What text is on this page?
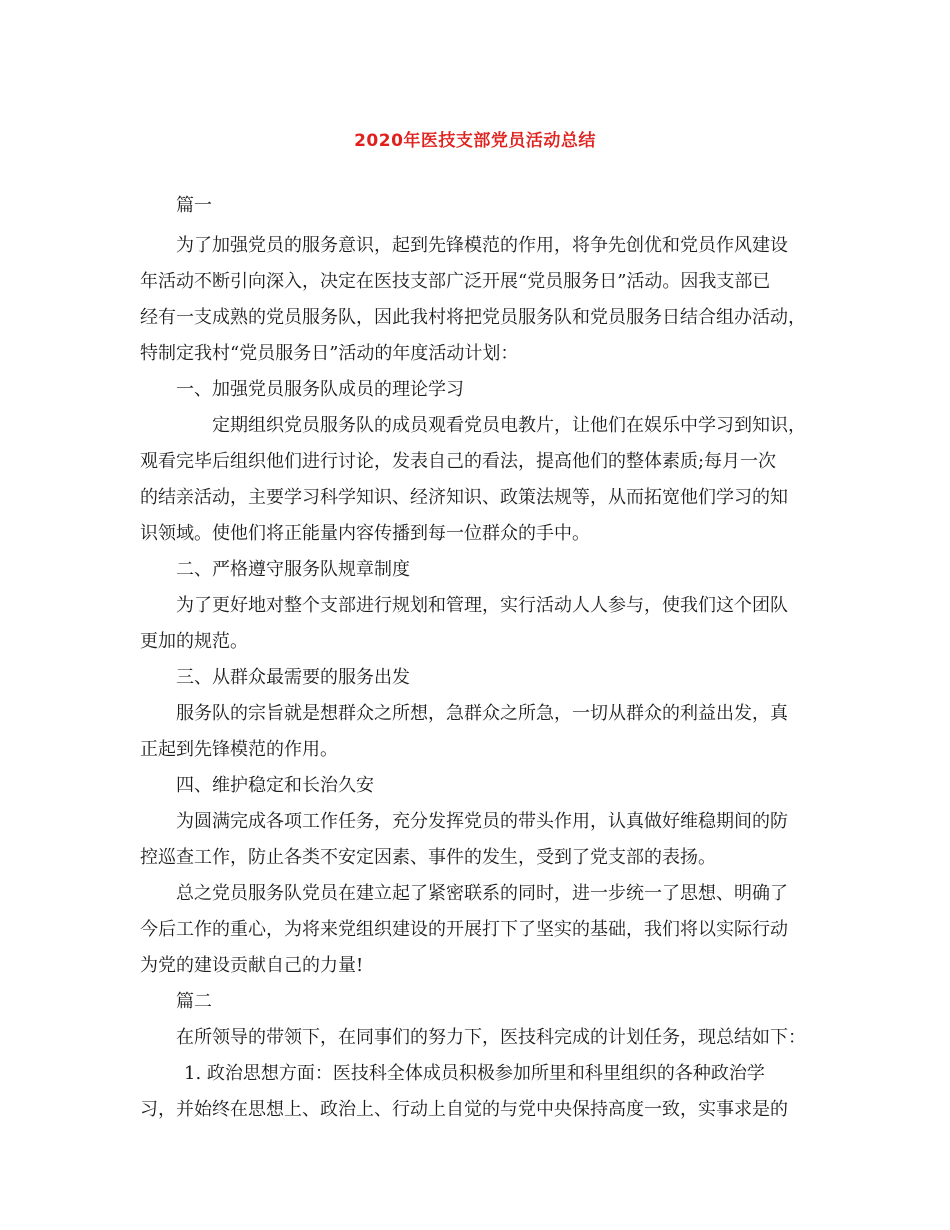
2020年医技支部党员活动总结
篇一
为了加强党员的服务意识，起到先锋模范的作用，将争先创优和党员作风建设
年活动不断引向深入，决定在医技支部广泛开展“党员服务日”活动。因我支部已
经有一支成熟的党员服务队，因此我村将把党员服务队和党员服务日结合组办活动，
特制定我村“党员服务日”活动的年度活动计划：
一、加强党员服务队成员的理论学习
定期组织党员服务队的成员观看党员电教片，让他们在娱乐中学习到知识，
观看完毕后组织他们进行讨论，发表自己的看法，提高他们的整体素质;每月一次
的结亲活动，主要学习科学知识、经济知识、政策法规等，从而拓宽他们学习的知
识领域。使他们将正能量内容传播到每一位群众的手中。
二、严格遵守服务队规章制度
为了更好地对整个支部进行规划和管理，实行活动人人参与，使我们这个团队
更加的规范。
三、从群众最需要的服务出发
服务队的宗旨就是想群众之所想，急群众之所急，一切从群众的利益出发，真
正起到先锋模范的作用。
四、维护稳定和长治久安
为圆满完成各项工作任务，充分发挥党员的带头作用，认真做好维稳期间的防
控巡查工作，防止各类不安定因素、事件的发生，受到了党支部的表扬。
总之党员服务队党员在建立起了紧密联系的同时，进一步统一了思想、明确了
今后工作的重心，为将来党组织建设的开展打下了坚实的基础，我们将以实际行动
为党的建设贡献自己的力量!
篇二
在所领导的带领下，在同事们的努力下，医技科完成的计划任务，现总结如下：
1. 政治思想方面：医技科全体成员积极参加所里和科里组织的各种政治学
习，并始终在思想上、政治上、行动上自觉的与党中央保持高度一致，实事求是的
